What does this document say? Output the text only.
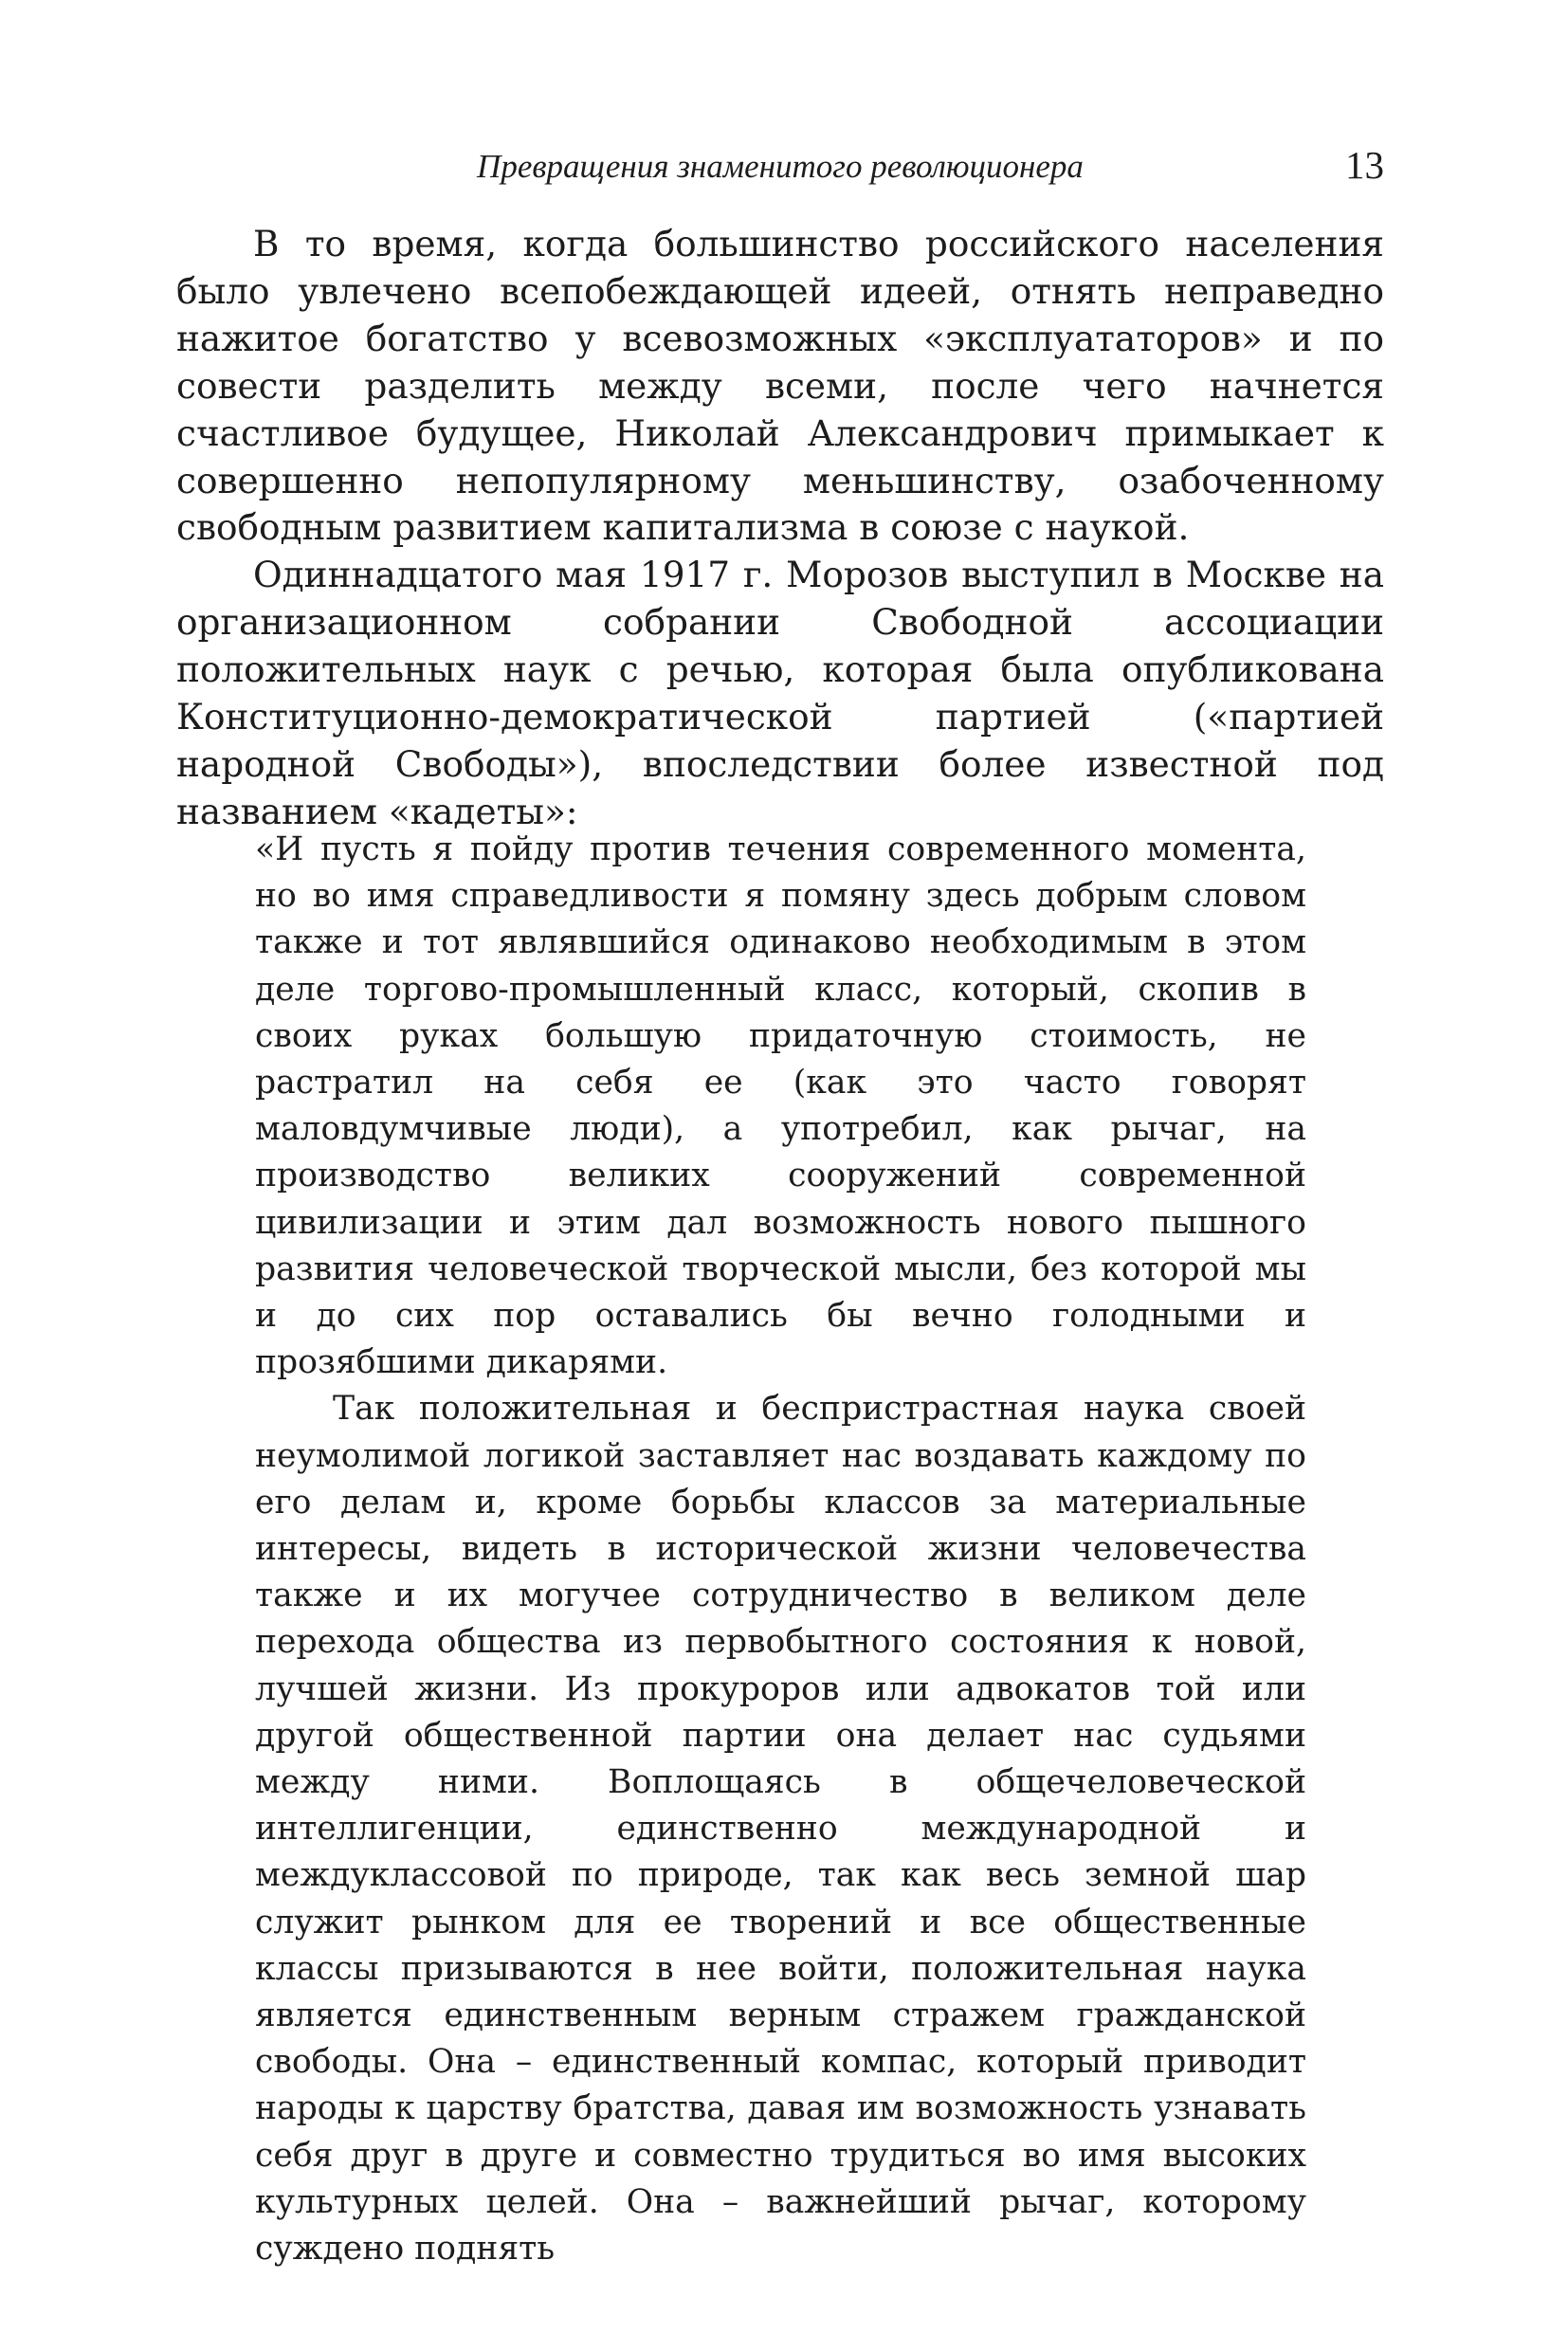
Превращения знаменитого революционера	13

В то время, когда большинство российского населения было увлечено всепобеждающей идеей, отнять неправедно нажитое богатство у всевозможных «эксплуататоров» и по совести разделить между всеми, после чего начнется счастливое будущее, Николай Александрович примыкает к совершенно непопулярному меньшинству, озабоченному свободным развитием капитализма в союзе с наукой.

Одиннадцатого мая 1917 г. Морозов выступил в Москве на организационном собрании Свободной ассоциации положительных наук с речью, которая была опубликована Конституционно-демократической партией («партией народной Свободы»), впоследствии более известной под названием «кадеты»:

«И пусть я пойду против течения современного момента, но во имя справедливости я помяну здесь добрым словом также и тот являвшийся одинаково необходимым в этом деле торгово-промышленный класс, который, скопив в своих руках большую придаточную стоимость, не растратил на себя ее (как это часто говорят маловдумчивые люди), а употребил, как рычаг, на производство великих сооружений современной цивилизации и этим дал возможность нового пышного развития человеческой творческой мысли, без которой мы и до сих пор оставались бы вечно голодными и прозябшими дикарями.

Так положительная и беспристрастная наука своей неумолимой логикой заставляет нас воздавать каждому по его делам и, кроме борьбы классов за материальные интересы, видеть в исторической жизни человечества также и их могучее сотрудничество в великом деле перехода общества из первобытного состояния к новой, лучшей жизни. Из прокуроров или адвокатов той или другой общественной партии она делает нас судьями между ними. Воплощаясь в общечеловеческой интеллигенции, единственно международной и междуклассовой по природе, так как весь земной шар служит рынком для ее творений и все общественные классы призываются в нее войти, положительная наука является единственным верным стражем гражданской свободы. Она – единственный компас, который приводит народы к царству братства, давая им возможность узнавать себя друг в друге и совместно трудиться во имя высоких культурных целей. Она – важнейший рычаг, которому суждено поднять
